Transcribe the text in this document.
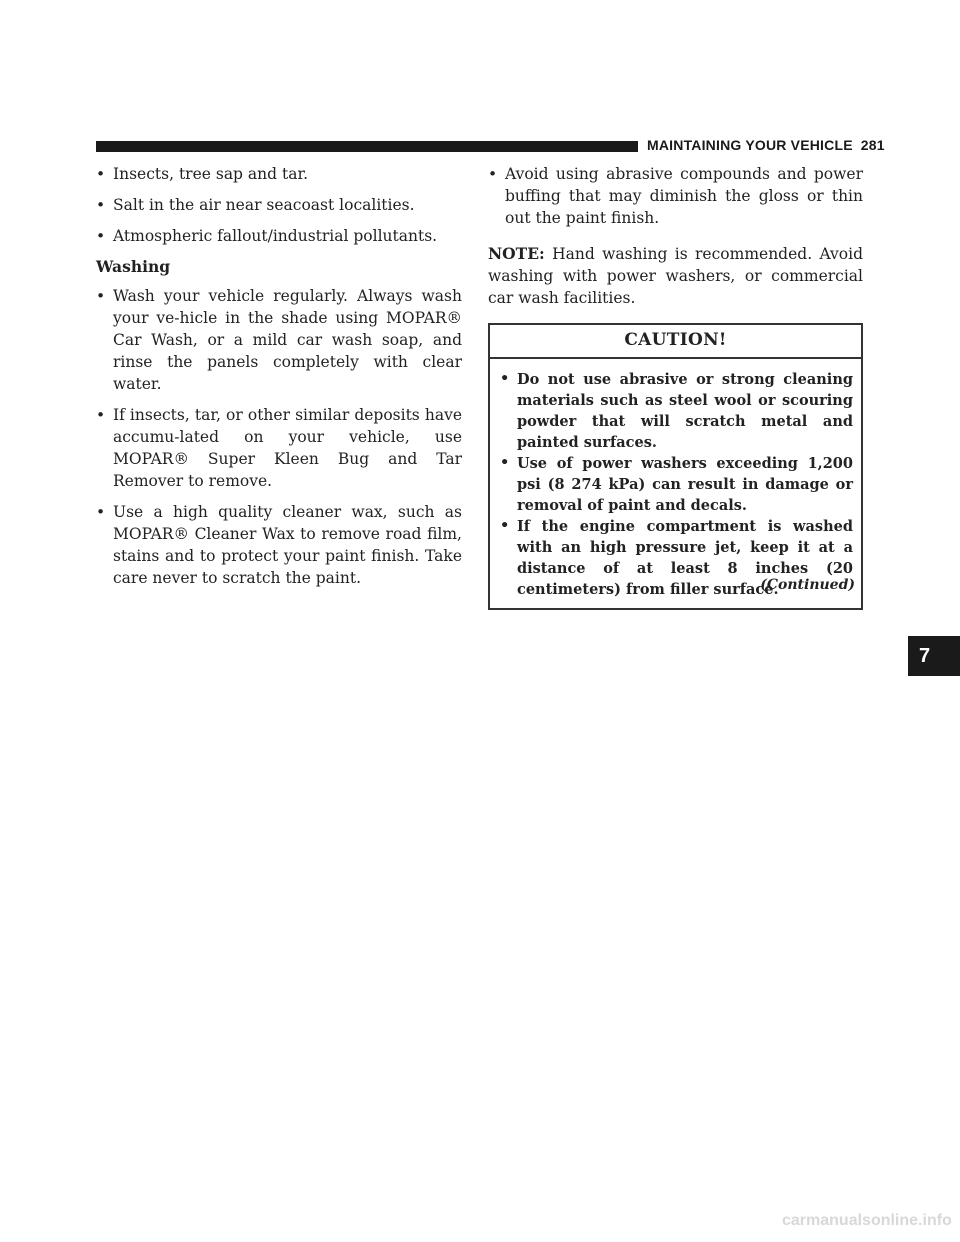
MAINTAINING YOUR VEHICLE 281
• Insects, tree sap and tar.
• Salt in the air near seacoast localities.
• Atmospheric fallout/industrial pollutants.
Washing
• Wash your vehicle regularly. Always wash your ve-hicle in the shade using MOPAR® Car Wash, or a mild car wash soap, and rinse the panels completely with clear water.
• If insects, tar, or other similar deposits have accumu-lated on your vehicle, use MOPAR® Super Kleen Bug and Tar Remover to remove.
• Use a high quality cleaner wax, such as MOPAR® Cleaner Wax to remove road film, stains and to protect your paint finish. Take care never to scratch the paint.
• Avoid using abrasive compounds and power buffing that may diminish the gloss or thin out the paint finish.
NOTE: Hand washing is recommended. Avoid washing with power washers, or commercial car wash facilities.
CAUTION!
• Do not use abrasive or strong cleaning materials such as steel wool or scouring powder that will scratch metal and painted surfaces.
• Use of power washers exceeding 1,200 psi (8 274 kPa) can result in damage or removal of paint and decals.
• If the engine compartment is washed with an high pressure jet, keep it at a distance of at least 8 inches (20 centimeters) from filler surface.
(Continued)
7
carmanualsonline.info
